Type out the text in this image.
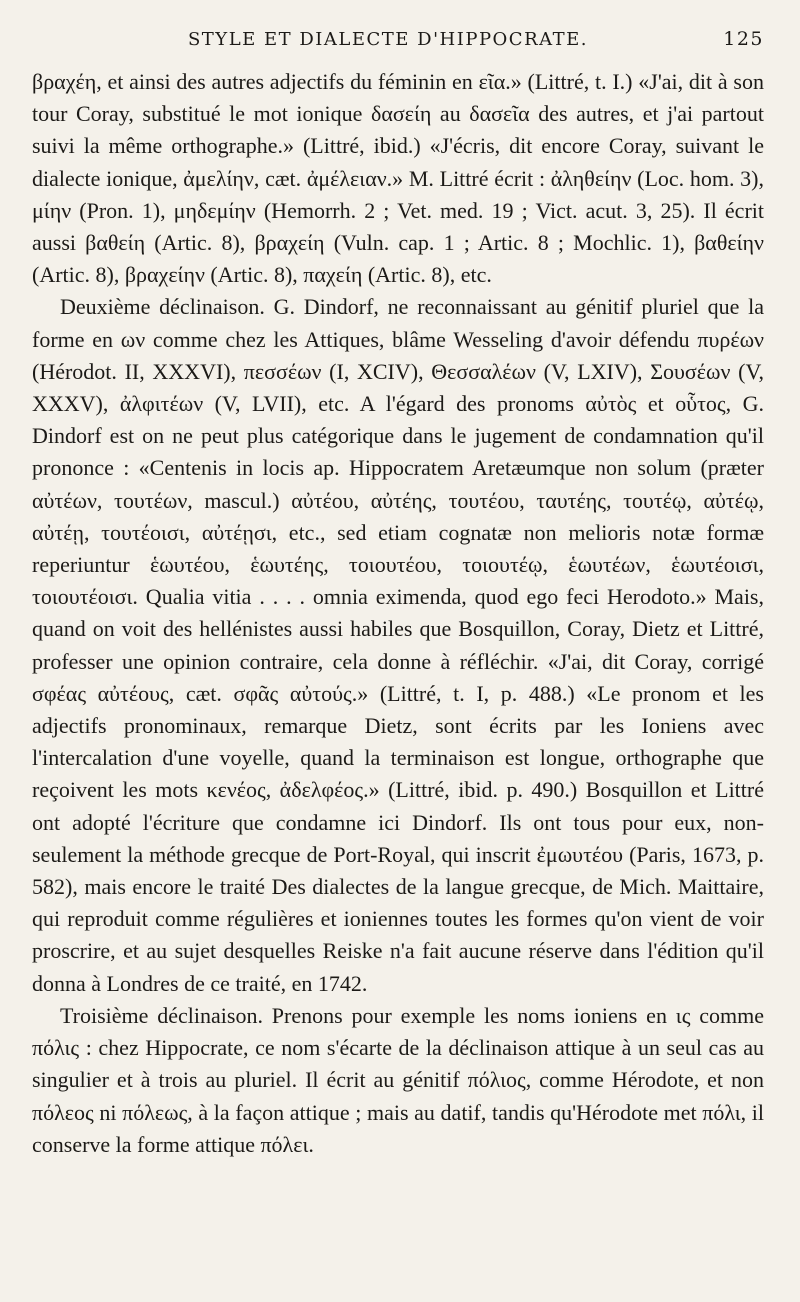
STYLE ET DIALECTE D'HIPPOCRATE.	125

βραχέη, et ainsi des autres adjectifs du féminin en εῖα.» (Littré, t. I.) «J'ai, dit à son tour Coray, substitué le mot ionique δασείη au δασεῖα des autres, et j'ai partout suivi la même orthographe.» (Littré, ibid.) «J'écris, dit encore Coray, suivant le dialecte ionique, ἀμελίην, cæt. ἀμέλειαν.» M. Littré écrit : ἀληθείην (Loc. hom. 3), μίην (Pron. 1), μηδεμίην (Hemorrh. 2 ; Vet. med. 19 ; Vict. acut. 3, 25). Il écrit aussi βαθείη (Artic. 8), βραχείη (Vuln. cap. 1 ; Artic. 8 ; Mochlic. 1), βαθείην (Artic. 8), βραχείην (Artic. 8), παχείη (Artic. 8), etc.

Deuxième déclinaison. G. Dindorf, ne reconnaissant au génitif pluriel que la forme en ων comme chez les Attiques, blâme Wesseling d'avoir défendu πυρέων (Hérodot. II, XXXVI), πεσσέων (I, XCIV), Θεσσαλέων (V, LXIV), Σουσέων (V, XXXV), ἀλφιτέων (V, LVII), etc. A l'égard des pronoms αὐτὸς et οὗτος, G. Dindorf est on ne peut plus catégorique dans le jugement de condamnation qu'il prononce : «Centenis in locis ap. Hippocratem Aretæumque non solum (præter αὐτέων, τουτέων, mascul.) αὐτέου, αὐτέης, τουτέου, ταυτέης, τουτέῳ, αὐτέῳ, αὐτέῃ, τουτέοισι, αὐτέῃσι, etc., sed etiam cognatæ non melioris notæ formæ reperiuntur ἑωυτέου, ἑωυτέης, τοιουτέου, τοιουτέῳ, ἑωυτέων, ἑωυτέοισι, τοιουτέοισι. Qualia vitia . . . . omnia eximenda, quod ego feci Herodoto.» Mais, quand on voit des hellénistes aussi habiles que Bosquillon, Coray, Dietz et Littré, professer une opinion contraire, cela donne à réfléchir. «J'ai, dit Coray, corrigé σφέας αὐτέους, cæt. σφᾶς αὐτούς.» (Littré, t. I, p. 488.) «Le pronom et les adjectifs pronominaux, remarque Dietz, sont écrits par les Ioniens avec l'intercalation d'une voyelle, quand la terminaison est longue, orthographe que reçoivent les mots κενέος, ἀδελφέος.» (Littré, ibid. p. 490.) Bosquillon et Littré ont adopté l'écriture que condamne ici Dindorf. Ils ont tous pour eux, non-seulement la méthode grecque de Port-Royal, qui inscrit ἐμωυτέου (Paris, 1673, p. 582), mais encore le traité Des dialectes de la langue grecque, de Mich. Maittaire, qui reproduit comme régulières et ioniennes toutes les formes qu'on vient de voir proscrire, et au sujet desquelles Reiske n'a fait aucune réserve dans l'édition qu'il donna à Londres de ce traité, en 1742.

Troisième déclinaison. Prenons pour exemple les noms ioniens en ις comme πόλις : chez Hippocrate, ce nom s'écarte de la déclinaison attique à un seul cas au singulier et à trois au pluriel. Il écrit au génitif πόλιος, comme Hérodote, et non πόλεος ni πόλεως, à la façon attique ; mais au datif, tandis qu'Hérodote met πόλι, il conserve la forme attique πόλει.
